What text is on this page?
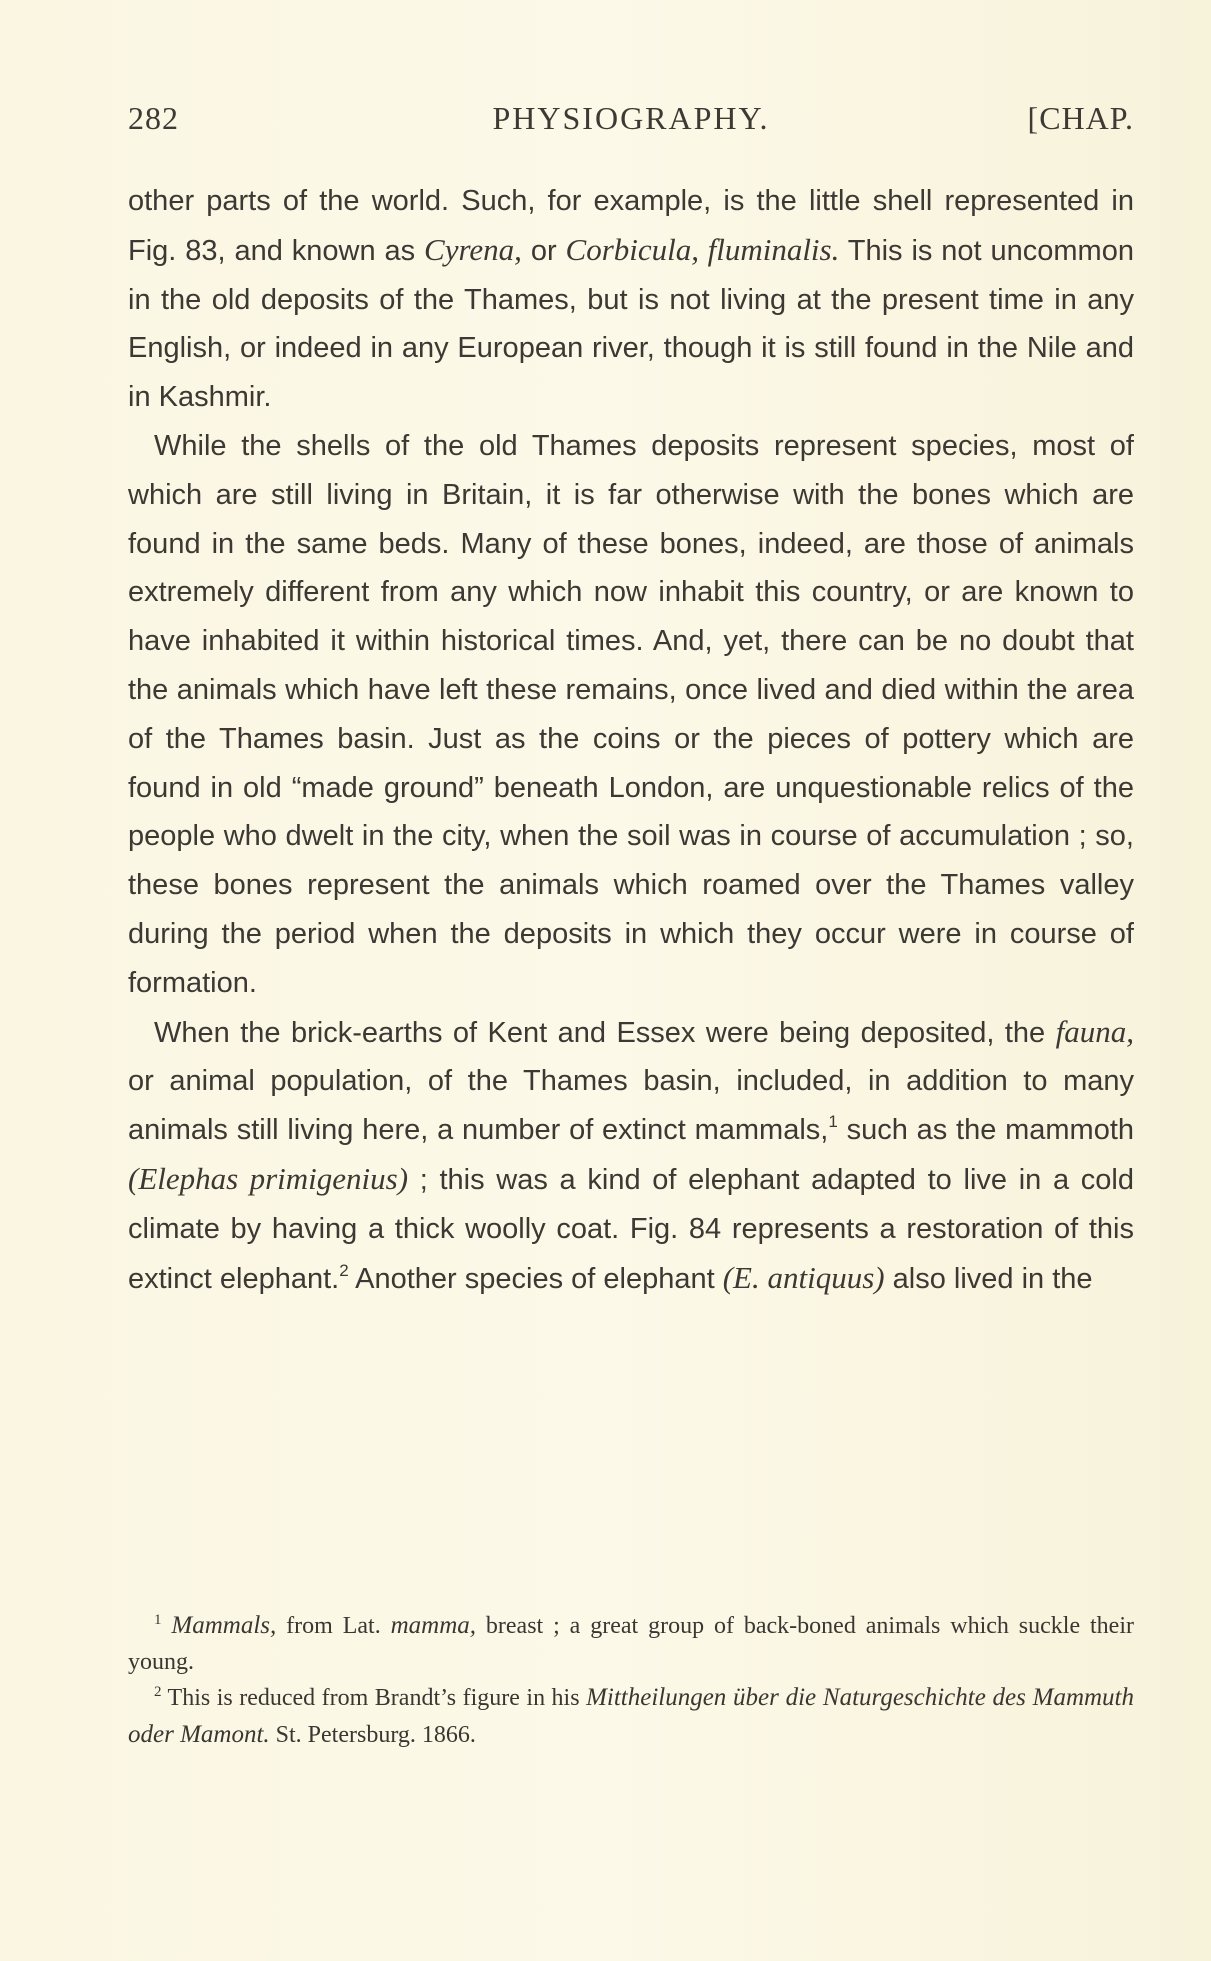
282	PHYSIOGRAPHY.	[CHAP.

other parts of the world. Such, for example, is the little shell represented in Fig. 83, and known as Cyrena, or Corbicula, fluminalis. This is not uncommon in the old deposits of the Thames, but is not living at the present time in any English, or indeed in any European river, though it is still found in the Nile and in Kashmir.

While the shells of the old Thames deposits represent species, most of which are still living in Britain, it is far otherwise with the bones which are found in the same beds. Many of these bones, indeed, are those of animals extremely different from any which now inhabit this country, or are known to have inhabited it within historical times. And, yet, there can be no doubt that the animals which have left these remains, once lived and died within the area of the Thames basin. Just as the coins or the pieces of pottery which are found in old “made ground” beneath London, are unquestionable relics of the people who dwelt in the city, when the soil was in course of accumulation ; so, these bones represent the animals which roamed over the Thames valley during the period when the deposits in which they occur were in course of formation.

When the brick-earths of Kent and Essex were being deposited, the fauna, or animal population, of the Thames basin, included, in addition to many animals still living here, a number of extinct mammals,$^1$ such as the mammoth (Elephas primigenius) ; this was a kind of elephant adapted to live in a cold climate by having a thick woolly coat. Fig. 84 represents a restoration of this extinct elephant.$^2$ Another species of elephant (E. antiquus) also lived in the

$^1$ Mammals, from Lat. mamma, breast ; a great group of back-boned animals which suckle their young.

$^2$ This is reduced from Brandt’s figure in his Mittheilungen über die Naturgeschichte des Mammuth oder Mamont. St. Petersburg. 1866.
